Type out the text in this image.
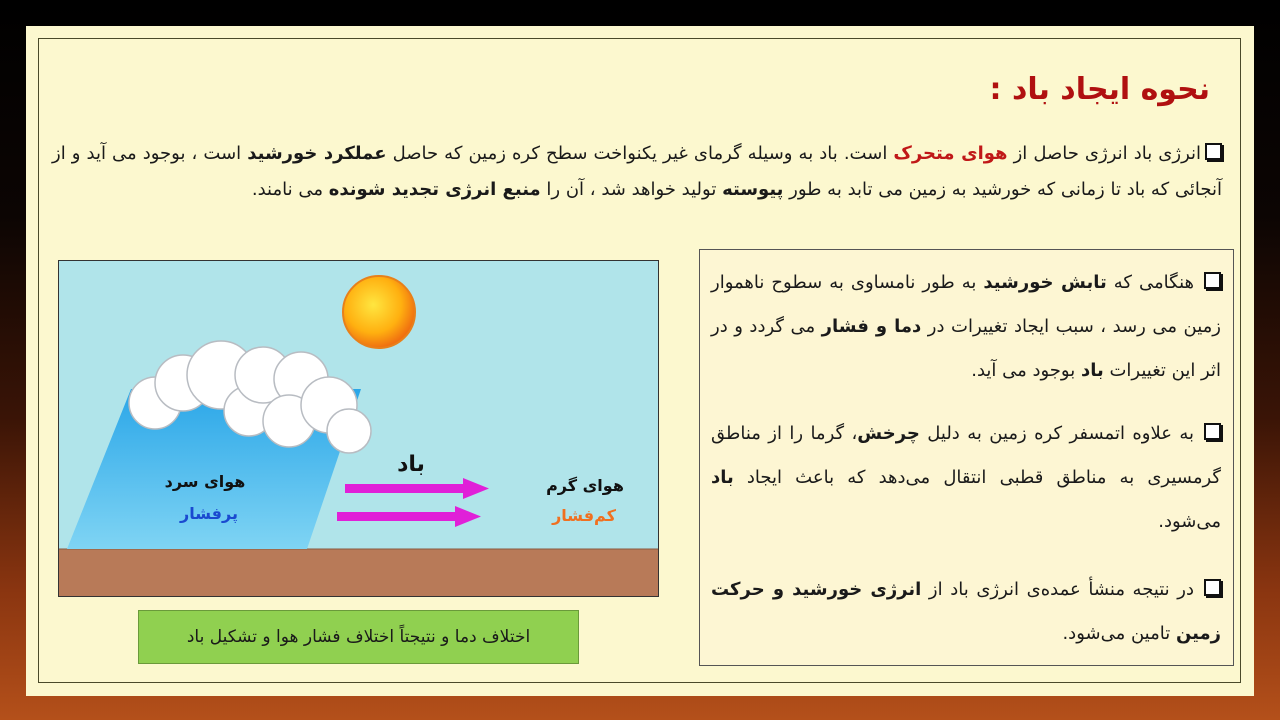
نحوه ایجاد باد :
انرژی باد انرژی حاصل از هوای متحرک است. باد به وسیله گرمای غیر یکنواخت سطح کره زمین که حاصل عملکرد خورشید است ، بوجود می آید و از آنجائی که باد تا زمانی که خورشید به زمین می تابد به طور پیوسته تولید خواهد شد ، آن را منبع انرژی تجدید شونده می نامند.
هنگامی که تابش خورشید به طور نامساوی به سطوح ناهموار زمین می رسد ، سبب ایجاد تغییرات در دما و فشار می گردد و در اثر این تغییرات باد بوجود می آید.
به علاوه اتمسفر کره زمین به دلیل چرخش، گرما را از مناطق گرمسیری به مناطق قطبی انتقال می‌دهد که باعث ایجاد باد می‌شود.
در نتیجه منشأ عمده‌ی انرژی باد از انرژی خورشید و حرکت زمین تامین می‌شود.
باد
هوای سرد
پرفشار
هوای گرم
کم‌فشار
اختلاف دما و نتیجتاً اختلاف فشار هوا و تشکیل باد
